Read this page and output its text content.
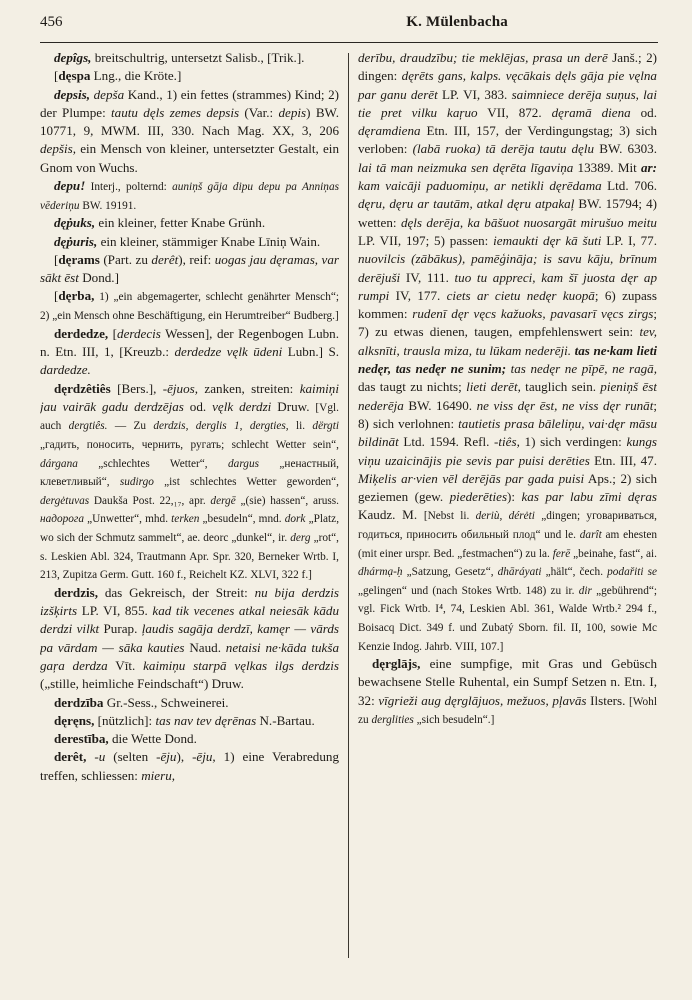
456	K. Mülenbacha

depîgs, breitschultrig, untersetzt Salisb., [Trik.].

[dęspa Lng., die Kröte.]

depsis, depša Kand., 1) ein fettes (strammes) Kind; 2) der Plumpe: tautu dęls zemes depsis (Var.: depis) BW. 10771, 9, MWM. III, 330. Nach Mag. XX, 3, 206 depšis, ein Mensch von kleiner, untersetzter Gestalt, ein Gnom von Wuchs.

depu! Interj., polternd: auniņš gāja dipu depu pa Anniņas vēderiņu BW. 19191.

dęṗuks, ein kleiner, fetter Knabe Grünh.

dęṗuris, ein kleiner, stämmiger Knabe Līniņ Wain.

[dęrams (Part. zu derêt), reif: uogas jau dęramas, var sākt ēst Dond.]

[dęrba, 1) „ein abgemagerter, schlecht genährter Mensch“; 2) „ein Mensch ohne Beschäftigung, ein Herumtreiber“ Budberg.]

derdedze, [derdecis Wessen], der Regenbogen Lubn. n. Etn. III, 1, [Kreuzb.: derdedze vęlk ūdeni Lubn.] S. dardedze.

dęrdzêtiês [Bers.], -ējuos, zanken, streiten: kaimiņi jau vairāk gadu derdzējas od. vęlk derdzi Druw. [Vgl. auch dergtiês. — Zu derdzis, derglis 1, dergties, li. dërgti „гадить, поносить, чернить, ругать; schlecht Wetter sein“, dárgana „schlechtes Wetter“, dargus „ненастный, клеветливый“, sudirgo „ist schlechtes Wetter geworden“, dergėtuvas Daukša Post. 22,₁₇, apr. dergē „(sie) hassen“, aruss. надорога „Unwetter“, mhd. terken „besudeln“, mnd. dork „Platz, wo sich der Schmutz sammelt“, ae. deorc „dunkel“, ir. derg „rot“, s. Leskien Abl. 324, Trautmann Apr. Spr. 320, Berneker Wrtb. I, 213, Zupitza Germ. Gutt. 160 f., Reichelt KZ. XLVI, 322 f.]

derdzis, das Gekreisch, der Streit: nu bija derdzis izšķirts LP. VI, 855. kad tik vecenes atkal neiesāk kādu derdzi vilkt Purap. ļaudis sagāja derdzī, kamęr — vārds pa vārdam — sāka kauties Naud. netaisi ne·kāda tukša gaŗa derdza Vīt. kaimiņu starpā vęlkas ilgs derdzis („stille, heimliche Feindschaft“) Druw.

derdzība Gr.-Sess., Schweinerei.

dęręns, [nützlich]: tas nav tev dęrēnas N.-Bartau.

derestība, die Wette Dond.

derêt, -u (selten -ēju), -ēju, 1) eine Verabredung treffen, schliessen: mieru,

derību, draudzību; tie meklējas, prasa un derē Janš.; 2) dingen: dęrēts gans, kalps. vęcākais dęls gāja pie vęlna par ganu derēt LP. VI, 383. saimniece derēja suņus, lai tie pret vilku kaŗuo VII, 872. dęramā diena od. dęramdiena Etn. III, 157, der Verdingungstag; 3) sich verloben: (labā ruoka) tā derēja tautu dęlu BW. 6303. lai tā man neizmuka sen dęrēta līgaviņa 13389. Mit ar: kam vaicāji paduomiņu, ar netikli dęrēdama Ltd. 706. dęru, dęru ar tautām, atkal dęru atpakaļ BW. 15794; 4) wetten: dęls derēja, ka bāšuot nuosargāt mirušuo meitu LP. VII, 197; 5) passen: iemaukti dęr kā šuti LP. I, 77. nuovilcis (zābākus), pamēģināja; is savu kāju, brīnum derējuši IV, 111. tuo tu appreci, kam šī juosta dęr ap rumpi IV, 177. ciets ar cietu nedęr kuopā; 6) zupass kommen: rudenī dęr vęcs kažuoks, pavasarī vęcs zirgs; 7) zu etwas dienen, taugen, empfehlenswert sein: tev, alksnīti, trausla miza, tu lūkam nederēji. tas ne·kam lieti nedęr, tas nedęr ne sunim; tas nedęr ne pīpē, ne ragā, das taugt zu nichts; lieti derēt, tauglich sein. pieniņš ēst nederēja BW. 16490. ne viss dęr ēst, ne viss dęr runāt; 8) sich verlohnen: tautietis prasa bāleliņu, vai·dęr māsu bildināt Ltd. 1594. Refl. -tiês, 1) sich verdingen: kungs viņu uzaicinājis pie sevis par puisi derēties Etn. III, 47. Miķelis ar·vien vēl derējās par gada puisi Aps.; 2) sich geziemen (gew. piederēties): kas par labu zīmi dęras Kaudz. M. [Nebst li. deriù, dérėti „dingen; уговариваться, годиться, приносить обильный плод“ und le. darît am ehesten (mit einer urspr. Bed. „festmachen“) zu la. ferē „beinahe, fast“, ai. dhármạ-ḥ „Satzung, Gesetz“, dhāráyati „hält“, čech. podařiti se „gelingen“ und (nach Stokes Wrtb. 148) zu ir. dir „gebührend“; vgl. Fick Wrtb. I⁴, 74, Leskien Abl. 361, Walde Wrtb.² 294 f., Boisacq Dict. 349 f. und Zubatý Sborn. fil. II, 100, sowie Mc Kenzie Indog. Jahrb. VIII, 107.]

dęrglājs, eine sumpfige, mit Gras und Gebüsch bewachsene Stelle Ruhental, ein Sumpf Setzen n. Etn. I, 32: vīgrieži aug dęrglājuos, mežuos, pļavās Ilsters. [Wohl zu derglities „sich besudeln“.]
